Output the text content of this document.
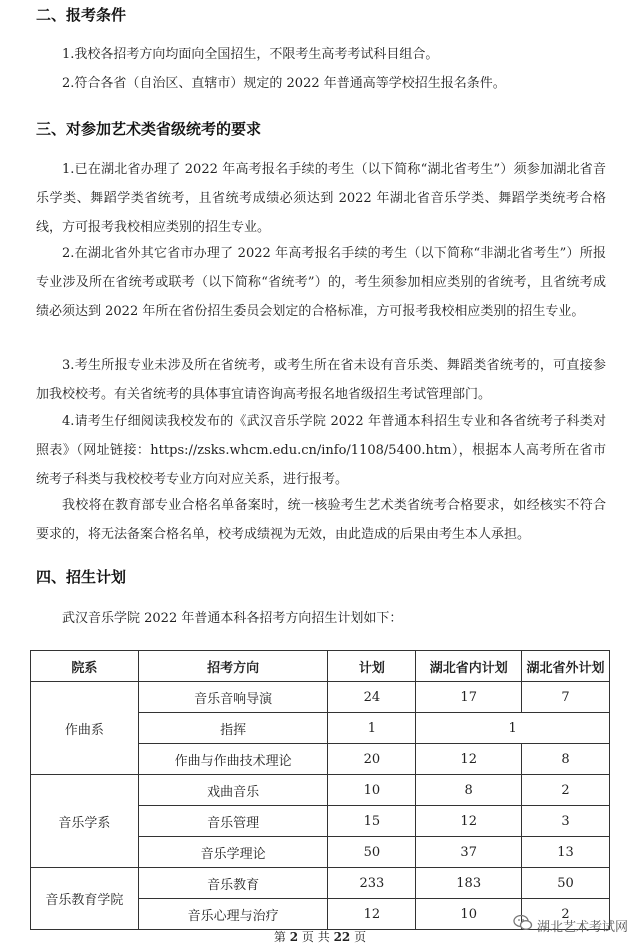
二、报考条件
1.我校各招考方向均面向全国招生，不限考生高考考试科目组合。
2.符合各省（自治区、直辖市）规定的 2022 年普通高等学校招生报名条件。
三、对参加艺术类省级统考的要求
1.已在湖北省办理了 2022 年高考报名手续的考生（以下简称“湖北省考生”）须参加湖北省音乐学类、舞蹈学类省统考，且省统考成绩必须达到 2022 年湖北省音乐学类、舞蹈学类统考合格线，方可报考我校相应类别的招生专业。
2.在湖北省外其它省市办理了 2022 年高考报名手续的考生（以下简称“非湖北省考生”）所报专业涉及所在省统考或联考（以下简称“省统考”）的，考生须参加相应类别的省统考，且省统考成绩必须达到 2022 年所在省份招生委员会划定的合格标准，方可报考我校相应类别的招生专业。
3.考生所报专业未涉及所在省统考，或考生所在省未设有音乐类、舞蹈类省统考的，可直接参加我校校考。有关省统考的具体事宜请咨询高考报名地省级招生考试管理部门。
4.请考生仔细阅读我校发布的《武汉音乐学院 2022 年普通本科招生专业和各省统考子科类对照表》（网址链接：https://zsks.whcm.edu.cn/info/1108/5400.htm），根据本人高考所在省市统考子科类与我校校考专业方向对应关系，进行报考。
我校将在教育部专业合格名单备案时，统一核验考生艺术类省统考合格要求，如经核实不符合要求的，将无法备案合格名单，校考成绩视为无效，由此造成的后果由考生本人承担。
四、招生计划
武汉音乐学院 2022 年普通本科各招考方向招生计划如下：
院系	招考方向	计划	湖北省内计划	湖北省外计划
作曲系	音乐音响导演	24	17	7
	指挥	1	1	
	作曲与作曲技术理论	20	12	8
音乐学系	戏曲音乐	10	8	2
	音乐管理	15	12	3
	音乐学理论	50	37	13
音乐教育学院	音乐教育	233	183	50
	音乐心理与治疗	12	10	2
第 2 页 共 22 页
湖北艺术考试网
